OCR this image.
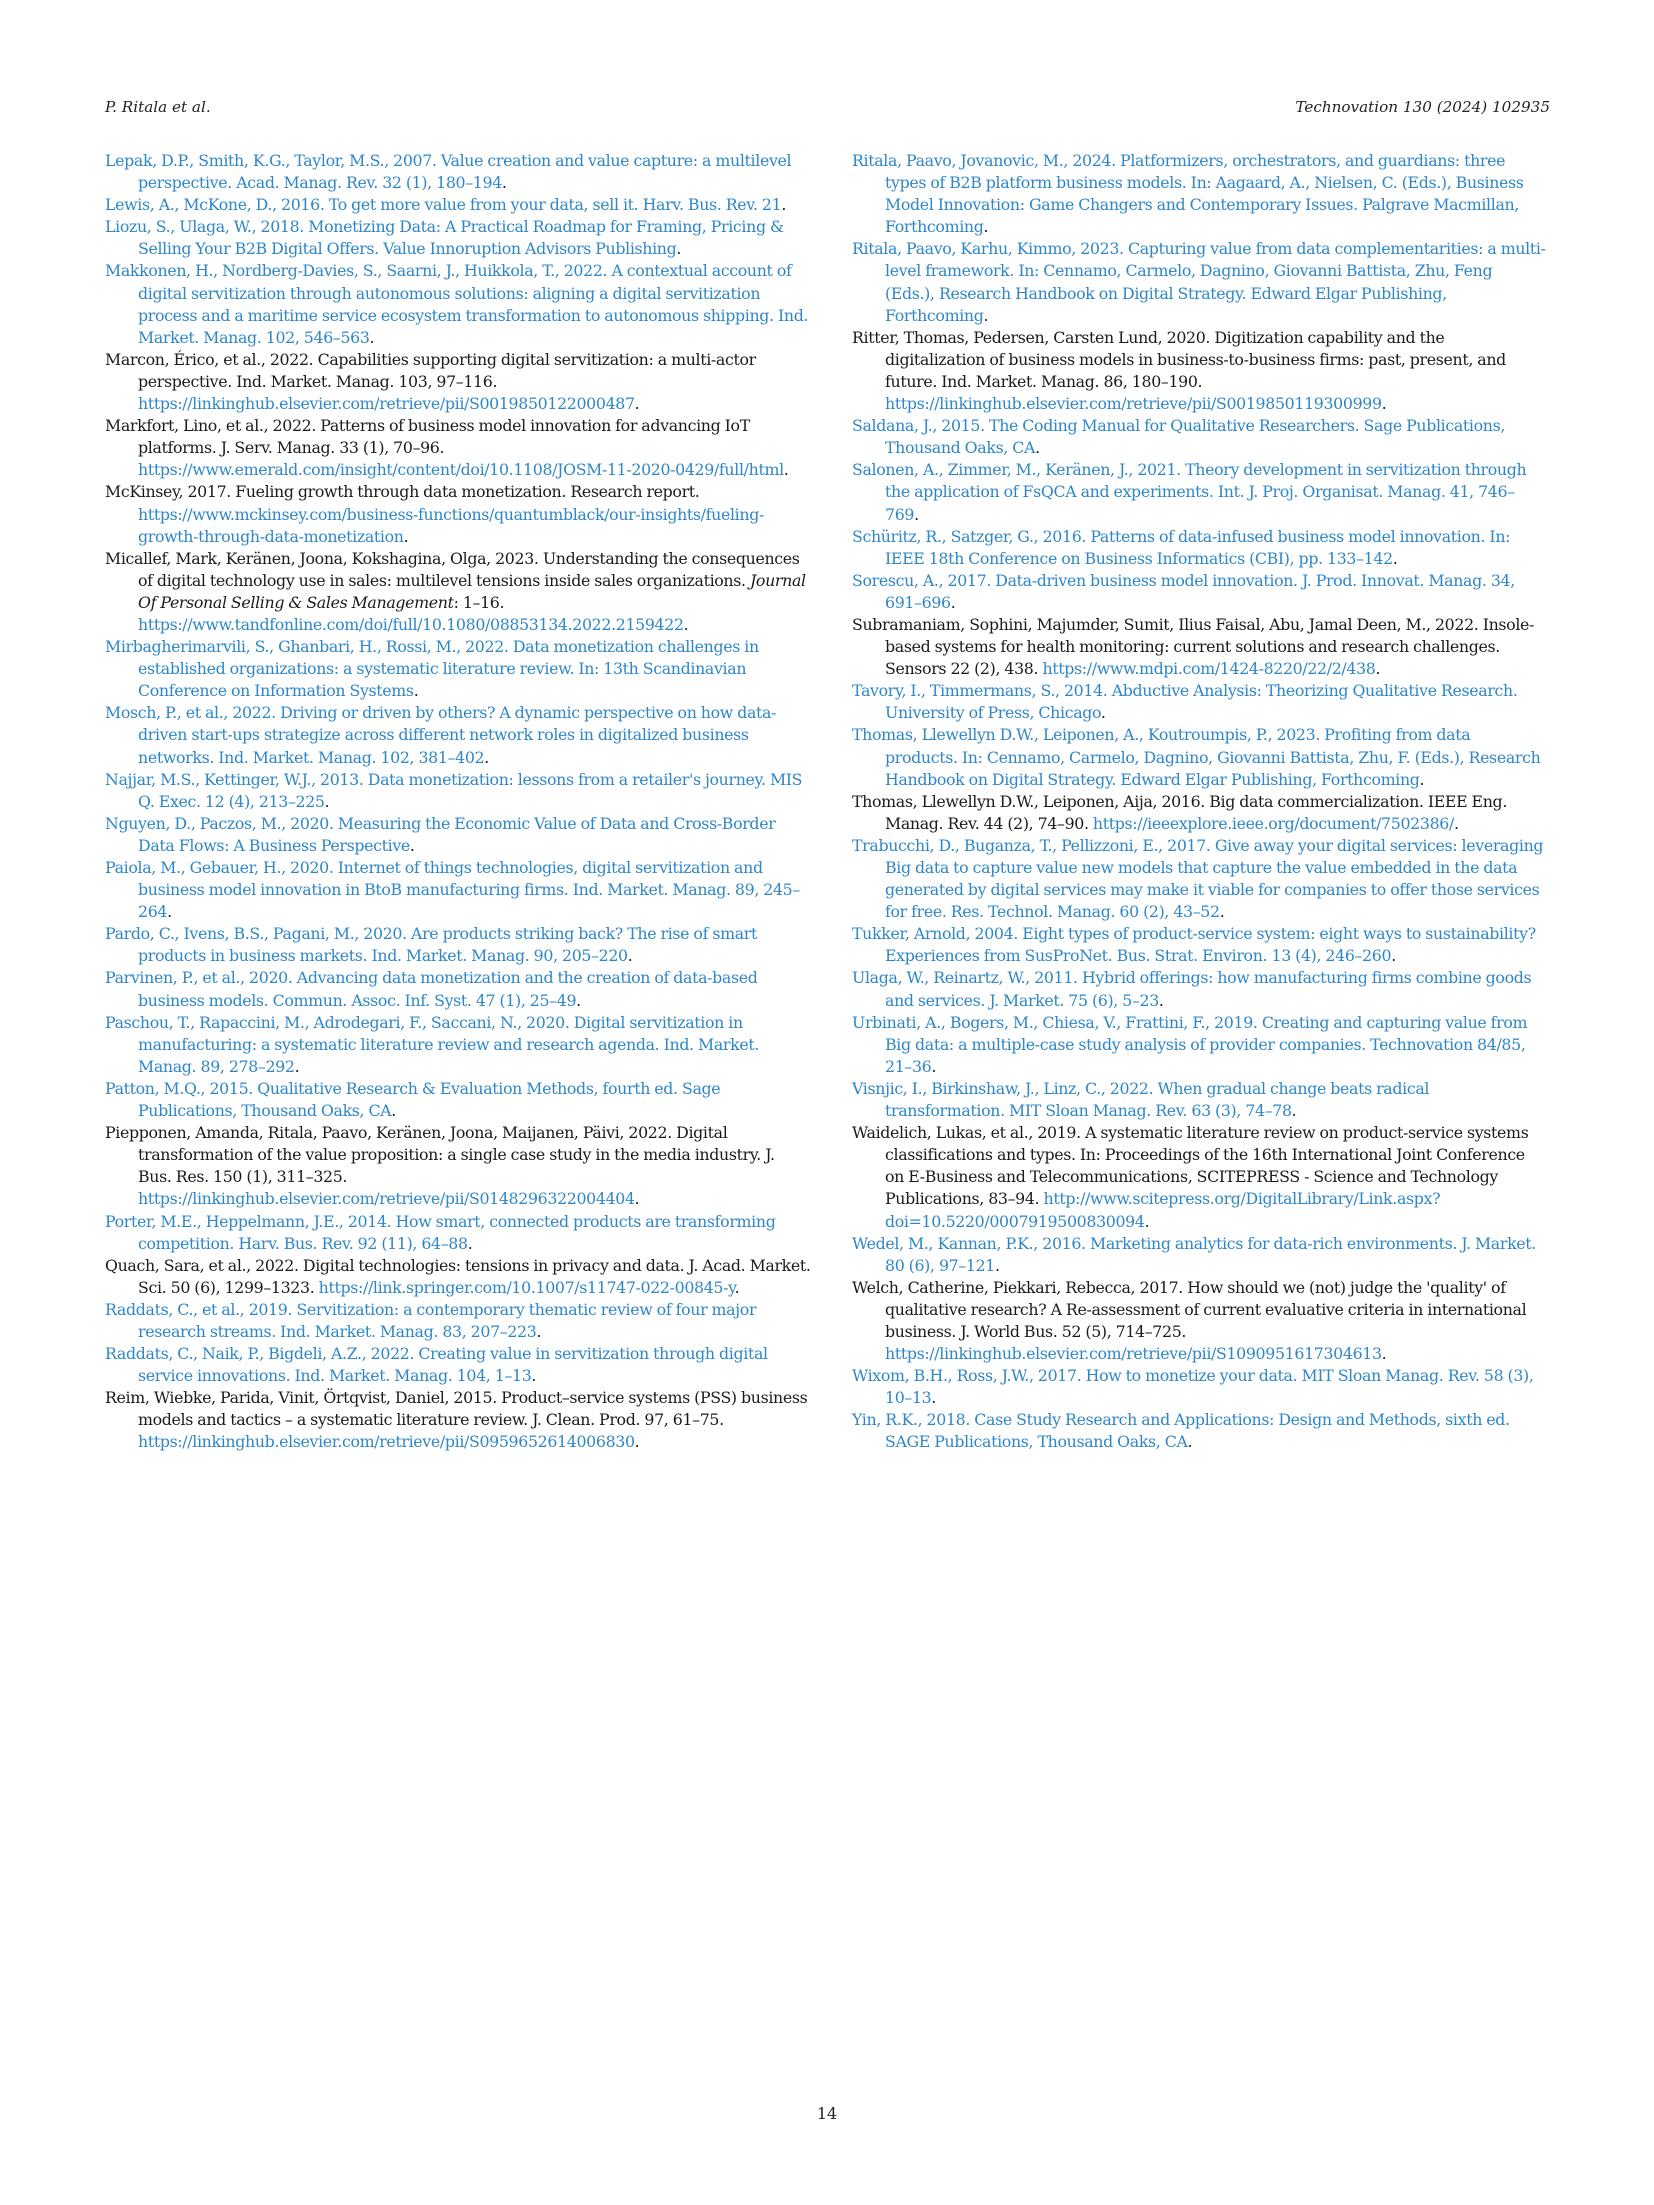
P. Ritala et al.	Technovation 130 (2024) 102935

Lepak, D.P., Smith, K.G., Taylor, M.S., 2007. Value creation and value capture: a multilevel perspective. Acad. Manag. Rev. 32 (1), 180–194.

Lewis, A., McKone, D., 2016. To get more value from your data, sell it. Harv. Bus. Rev. 21.

Liozu, S., Ulaga, W., 2018. Monetizing Data: A Practical Roadmap for Framing, Pricing & Selling Your B2B Digital Offers. Value Innoruption Advisors Publishing.

Makkonen, H., Nordberg-Davies, S., Saarni, J., Huikkola, T., 2022. A contextual account of digital servitization through autonomous solutions: aligning a digital servitization process and a maritime service ecosystem transformation to autonomous shipping. Ind. Market. Manag. 102, 546–563.

Marcon, Érico, et al., 2022. Capabilities supporting digital servitization: a multi-actor perspective. Ind. Market. Manag. 103, 97–116. https://linkinghub.elsevier.com/retrieve/pii/S0019850122000487.

Markfort, Lino, et al., 2022. Patterns of business model innovation for advancing IoT platforms. J. Serv. Manag. 33 (1), 70–96. https://www.emerald.com/insight/content/doi/10.1108/JOSM-11-2020-0429/full/html.

McKinsey, 2017. Fueling growth through data monetization. Research report. https://www.mckinsey.com/business-functions/quantumblack/our-insights/fueling-growth-through-data-monetization.

Micallef, Mark, Keränen, Joona, Kokshagina, Olga, 2023. Understanding the consequences of digital technology use in sales: multilevel tensions inside sales organizations. Journal Of Personal Selling & Sales Management: 1–16. https://www.tandfonline.com/doi/full/10.1080/08853134.2022.2159422.

Mirbagherimarvili, S., Ghanbari, H., Rossi, M., 2022. Data monetization challenges in established organizations: a systematic literature review. In: 13th Scandinavian Conference on Information Systems.

Mosch, P., et al., 2022. Driving or driven by others? A dynamic perspective on how data-driven start-ups strategize across different network roles in digitalized business networks. Ind. Market. Manag. 102, 381–402.

Najjar, M.S., Kettinger, W.J., 2013. Data monetization: lessons from a retailer's journey. MIS Q. Exec. 12 (4), 213–225.

Nguyen, D., Paczos, M., 2020. Measuring the Economic Value of Data and Cross-Border Data Flows: A Business Perspective.

Paiola, M., Gebauer, H., 2020. Internet of things technologies, digital servitization and business model innovation in BtoB manufacturing firms. Ind. Market. Manag. 89, 245–264.

Pardo, C., Ivens, B.S., Pagani, M., 2020. Are products striking back? The rise of smart products in business markets. Ind. Market. Manag. 90, 205–220.

Parvinen, P., et al., 2020. Advancing data monetization and the creation of data-based business models. Commun. Assoc. Inf. Syst. 47 (1), 25–49.

Paschou, T., Rapaccini, M., Adrodegari, F., Saccani, N., 2020. Digital servitization in manufacturing: a systematic literature review and research agenda. Ind. Market. Manag. 89, 278–292.

Patton, M.Q., 2015. Qualitative Research & Evaluation Methods, fourth ed. Sage Publications, Thousand Oaks, CA.

Piepponen, Amanda, Ritala, Paavo, Keränen, Joona, Maijanen, Päivi, 2022. Digital transformation of the value proposition: a single case study in the media industry. J. Bus. Res. 150 (1), 311–325. https://linkinghub.elsevier.com/retrieve/pii/S0148296322004404.

Porter, M.E., Heppelmann, J.E., 2014. How smart, connected products are transforming competition. Harv. Bus. Rev. 92 (11), 64–88.

Quach, Sara, et al., 2022. Digital technologies: tensions in privacy and data. J. Acad. Market. Sci. 50 (6), 1299–1323. https://link.springer.com/10.1007/s11747-022-00845-y.

Raddats, C., et al., 2019. Servitization: a contemporary thematic review of four major research streams. Ind. Market. Manag. 83, 207–223.

Raddats, C., Naik, P., Bigdeli, A.Z., 2022. Creating value in servitization through digital service innovations. Ind. Market. Manag. 104, 1–13.

Reim, Wiebke, Parida, Vinit, Örtqvist, Daniel, 2015. Product–service systems (PSS) business models and tactics – a systematic literature review. J. Clean. Prod. 97, 61–75. https://linkinghub.elsevier.com/retrieve/pii/S0959652614006830.

Ritala, Paavo, Jovanovic, M., 2024. Platformizers, orchestrators, and guardians: three types of B2B platform business models. In: Aagaard, A., Nielsen, C. (Eds.), Business Model Innovation: Game Changers and Contemporary Issues. Palgrave Macmillan, Forthcoming.

Ritala, Paavo, Karhu, Kimmo, 2023. Capturing value from data complementarities: a multi-level framework. In: Cennamo, Carmelo, Dagnino, Giovanni Battista, Zhu, Feng (Eds.), Research Handbook on Digital Strategy. Edward Elgar Publishing, Forthcoming.

Ritter, Thomas, Pedersen, Carsten Lund, 2020. Digitization capability and the digitalization of business models in business-to-business firms: past, present, and future. Ind. Market. Manag. 86, 180–190. https://linkinghub.elsevier.com/retrieve/pii/S0019850119300999.

Saldana, J., 2015. The Coding Manual for Qualitative Researchers. Sage Publications, Thousand Oaks, CA.

Salonen, A., Zimmer, M., Keränen, J., 2021. Theory development in servitization through the application of FsQCA and experiments. Int. J. Proj. Organisat. Manag. 41, 746–769.

Schüritz, R., Satzger, G., 2016. Patterns of data-infused business model innovation. In: IEEE 18th Conference on Business Informatics (CBI), pp. 133–142.

Sorescu, A., 2017. Data-driven business model innovation. J. Prod. Innovat. Manag. 34, 691–696.

Subramaniam, Sophini, Majumder, Sumit, Ilius Faisal, Abu, Jamal Deen, M., 2022. Insole-based systems for health monitoring: current solutions and research challenges. Sensors 22 (2), 438. https://www.mdpi.com/1424-8220/22/2/438.

Tavory, I., Timmermans, S., 2014. Abductive Analysis: Theorizing Qualitative Research. University of Press, Chicago.

Thomas, Llewellyn D.W., Leiponen, A., Koutroumpis, P., 2023. Profiting from data products. In: Cennamo, Carmelo, Dagnino, Giovanni Battista, Zhu, F. (Eds.), Research Handbook on Digital Strategy. Edward Elgar Publishing, Forthcoming.

Thomas, Llewellyn D.W., Leiponen, Aija, 2016. Big data commercialization. IEEE Eng. Manag. Rev. 44 (2), 74–90. https://ieeexplore.ieee.org/document/7502386/.

Trabucchi, D., Buganza, T., Pellizzoni, E., 2017. Give away your digital services: leveraging Big data to capture value new models that capture the value embedded in the data generated by digital services may make it viable for companies to offer those services for free. Res. Technol. Manag. 60 (2), 43–52.

Tukker, Arnold, 2004. Eight types of product-service system: eight ways to sustainability? Experiences from SusProNet. Bus. Strat. Environ. 13 (4), 246–260.

Ulaga, W., Reinartz, W., 2011. Hybrid offerings: how manufacturing firms combine goods and services. J. Market. 75 (6), 5–23.

Urbinati, A., Bogers, M., Chiesa, V., Frattini, F., 2019. Creating and capturing value from Big data: a multiple-case study analysis of provider companies. Technovation 84/85, 21–36.

Visnjic, I., Birkinshaw, J., Linz, C., 2022. When gradual change beats radical transformation. MIT Sloan Manag. Rev. 63 (3), 74–78.

Waidelich, Lukas, et al., 2019. A systematic literature review on product-service systems classifications and types. In: Proceedings of the 16th International Joint Conference on E-Business and Telecommunications, SCITEPRESS - Science and Technology Publications, 83–94. http://www.scitepress.org/DigitalLibrary/Link.aspx?doi=10.5220/0007919500830094.

Wedel, M., Kannan, P.K., 2016. Marketing analytics for data-rich environments. J. Market. 80 (6), 97–121.

Welch, Catherine, Piekkari, Rebecca, 2017. How should we (not) judge the 'quality' of qualitative research? A Re-assessment of current evaluative criteria in international business. J. World Bus. 52 (5), 714–725. https://linkinghub.elsevier.com/retrieve/pii/S1090951617304613.

Wixom, B.H., Ross, J.W., 2017. How to monetize your data. MIT Sloan Manag. Rev. 58 (3), 10–13.

Yin, R.K., 2018. Case Study Research and Applications: Design and Methods, sixth ed. SAGE Publications, Thousand Oaks, CA.

14
